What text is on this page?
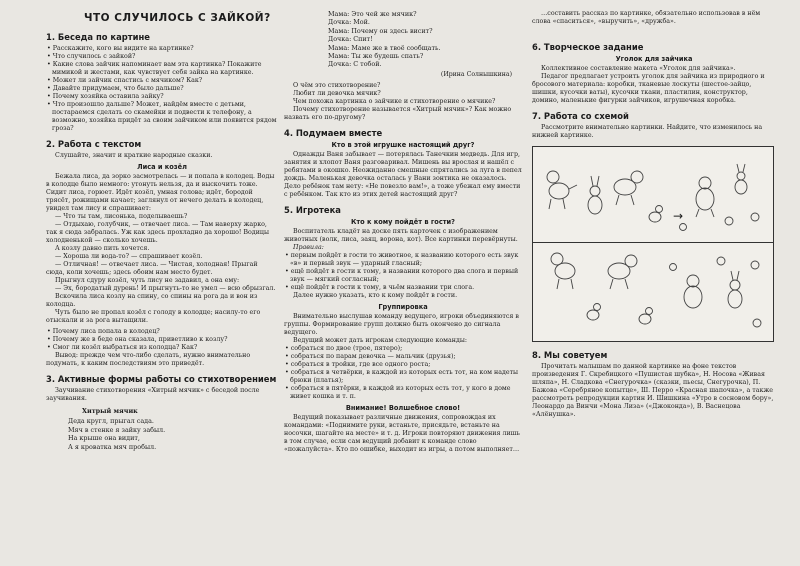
ЧТО СЛУЧИЛОСЬ С ЗАЙКОЙ?
1. Беседа по картине
• Расскажите, кого вы видите на картинке?
• Что случилось с зайкой?
• Какие слова зайчик напоминает вам эта картинка? Покажите мимикой и жестами, как чувствует себя зайка на картинке.
• Может ли зайчик спастись с мячиком? Как?
• Давайте придумаем, что было дальше?
• Почему хозяйка оставила зайку?
• Что произошло дальше? Может, найдём вместе с детьми, постараемся сделать со скамейки и подвести к телефону, а возможно, хозяйка придёт за своим зайчиком или появится рядом гроза?
2. Работа с текстом

Слушайте, значит и краткие народные сказки.

Лиса и козёл

Бежала лиса, да зорко засмотрелась — и попала в колодец. Воды в колодце было немного: утонуть нельзя, да и выскочить тоже. Сидит лиса, горюет. Идёт козёл, умная голова; идёт, бородой трясёт, рожищами качает; заглянул от нечего делать в колодец, увидел там лису и спрашивает:

— Что ты там, лисонька, поделываешь?

— Отдыхаю, голубчик, — отвечает лиса. — Там наверху жарко, так я сюда забралась. Уж как здесь прохладно да хорошо! Водицы холодненькой — сколько хочешь.

А козлу давно пить хочется.

— Хороша ли вода-то? — спрашивает козёл.

— Отличная! — отвечает лиса. — Чистая, холодная! Прыгай сюда, коли хочешь; здесь обоим нам место будет.

Прыгнул сдуру козёл, чуть лису не задавил, а она ему:

— Эх, бородатый дурень! И прыгнуть-то не умел — всю обрызгал.

Вскочила лиса козлу на спину, со спины на рога да и вон из колодца.

Чуть было не пропал козёл с голоду в колодце; насилу-то его отыскали и за рога вытащили.

• Почему лиса попала в колодец?
• Почему же в беде она сказала, приветливо к козлу?
• Смог ли козёл выбраться из колодца? Как?

Вывод: прежде чем что-либо сделать, нужно внимательно подумать, к каким последствиям это приведёт.

3. Активные формы работы со стихотворением

Заучивание стихотворения «Хитрый мячик» с беседой после заучивания.

Хитрый мячик

Деда кругл, прыгал сада.

Мяч в стенке я зайку забыл.

На крыше она видит,

А я кроватка мяч пробыл.

Мама: Это чей же мячик?

Дочка: Мой.

Мама: Почему он здесь висит?

Дочка: Спит!

Мама: Маме же в твоё сообщать.

Мама: Ты же будешь спать?

Дочка: С тобой.

(Ирина Солнышкина)

О чём это стихотворение?

Любит ли девочка мячик?

Чем похожа картинка о зайчике и стихотворение о мячике?

Почему стихотворение называется «Хитрый мячик»? Как можно назвать его по-другому?

4. Подумаем вместе
Кто в этой игрушке настоящий друг?

Однажды Ваня забывает — потерялась Танечкин медведь. Для игр, занятия и хлопот Ваня разговаривал. Мишень вы врослая и нашёл с ребятами в окошко. Неожиданно смешные спрятались за луга в пепел дождь. Маленькая девочка осталась у Вани зонтика не оказалось. Дело ребёнок там нету: «Не повезло вам!», а тоже убежал ему вмести с ребёнком. Так кто из этих детей настоящий друг?

5. Игротека
Кто к кому пойдёт в гости?

Воспитатель кладёт на доске пять карточек с изображением животных (волк, лиса, заяц, ворона, кот). Все картинки перевёрнуты.

Правила:

• первым пойдёт в гости то животное, к названию которого есть звук «в» и первый звук — ударный гласный;
• ещё пойдёт в гости к тому, в названии которого два слога и первый звук — мягкий согласный;
• ещё пойдёт в гости к тому, в чьём названии три слога.

Далее нужно указать, кто к кому пойдёт в гости.

Группировка

Внимательно выслушав команду ведущего, игроки объединяются в группы. Формирование групп должно быть окончено до сигнала ведущего.

Ведущий может дать игрокам следующие команды:

• собраться по двое (трое, пятеро);
• собраться по парам девочка — мальчик (друзья);
• собраться в тройки, где все одного роста;
• собраться в четвёрки, в каждой из которых есть тот, на ком надеты брюки (платья);
• собраться в пятёрки, в каждой из которых есть тот, у кого в доме живет кошка и т. п.
Внимание! Волшебное слово!

Ведущий показывает различные движения, сопровождая их командами: «Поднимите руки, встаньте, присядьте, встаньте на носочки, шагайте на месте» и т. д. Игроки повторяют движения лишь в том случае, если сам ведущий добавит к команде слово «пожалуйста». Кто по ошибке, выходит из игры, а потом выполняет…

…составить рассказ по картинке, обязательно использовав в нём слова «спаситься», «выручить», «дружба».

6. Творческое задание
Уголок для зайчика

Коллективное составление макета «Уголок для зайчика».

Педагог предлагает устроить уголок для зайчика из природного и бросового материала: коробки, тканевые лоскуты (шестое-зайцо, шишки, кусочки ваты), кусочки ткани, пластилин, конструктор, домино, маленькие фигурки зайчиков, игрушечная коробка.

7. Работа со схемой

Рассмотрите внимательно картинки. Найдите, что изменилось на нижней картинке.

→
8. Мы советуем

Прочитать малышам по данной картинке на фоне текстов произведения Г. Скребицкого «Пушистая шубка», Н. Носова «Живая шляпа», Н. Сладкова «Снегурочка» (сказки, пьесы, Снегурочка), П. Бажова «Серебряное копытце», Ш. Перро «Красная шапочка», а также рассмотреть репродукции картин И. Шишкина «Утро в сосновом бору», Леонардо да Винчи «Мона Лиза» («Джоконда»), В. Васнецова «Алёнушка».
